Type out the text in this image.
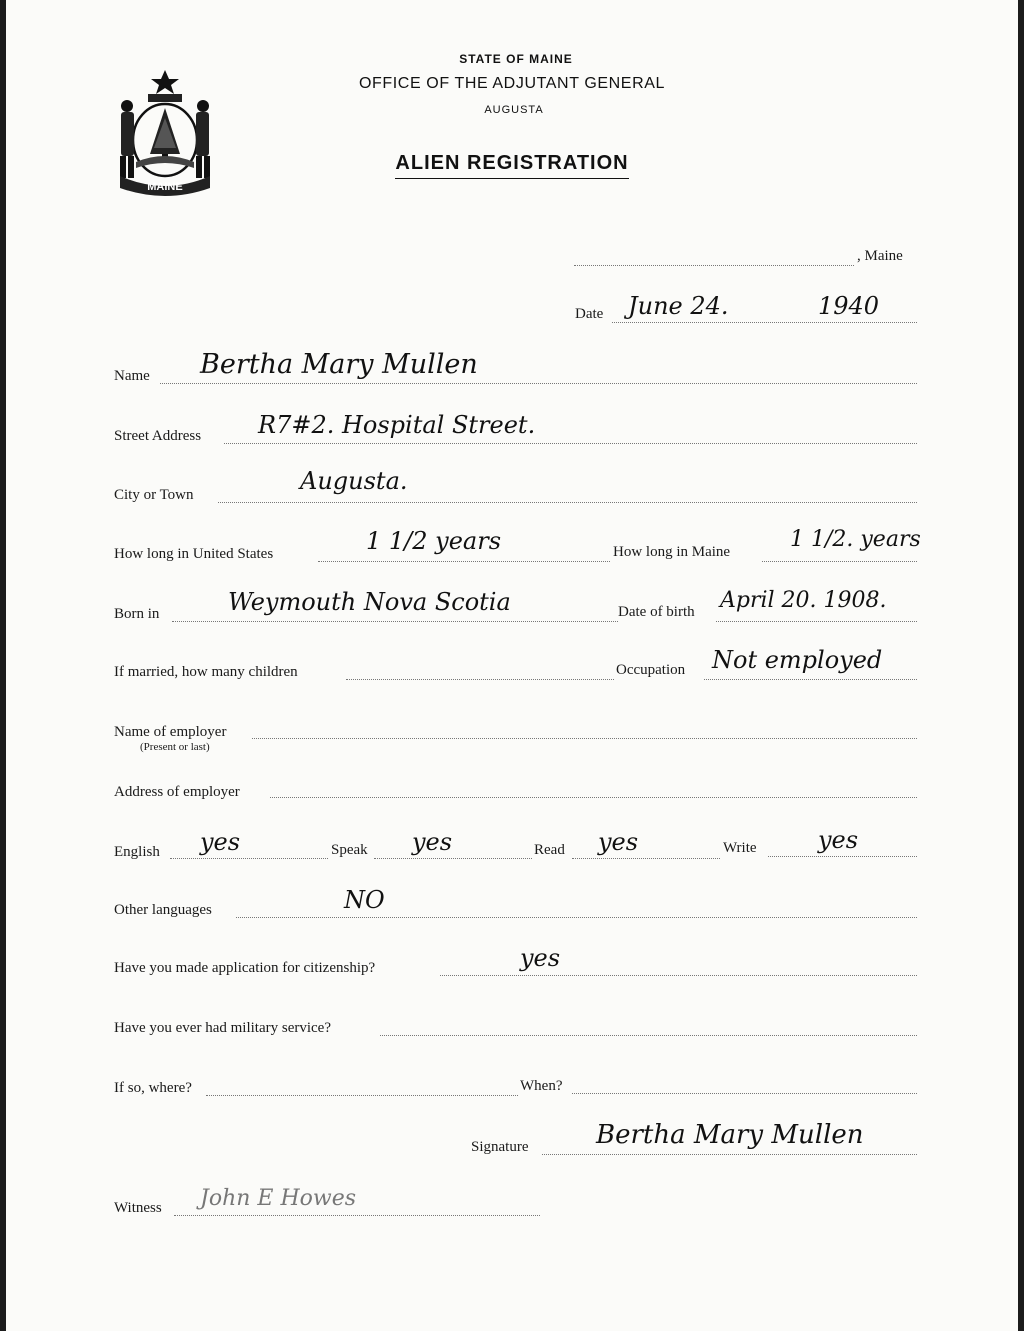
MAINE
STATE OF MAINE
OFFICE OF THE ADJUTANT GENERAL
AUGUSTA
ALIEN REGISTRATION
, Maine
Date June 24.	1940
Name Bertha Mary Mullen
Street Address R7#2. Hospital Street.
City or Town	Augusta.
How long in United States	1 1/2 years	How long in Maine	1 1/2. years
Born in	Weymouth Nova Scotia	Date of birth April 20. 1908.
If married, how many children	Occupation Not employed
Name of employer
(Present or last)
Address of employer
English yes	Speak yes	Read yes	Write	yes
Other languages	NO
Have you made application for citizenship?	yes
Have you ever had military service?
If so, where?	When?
Signature	Bertha Mary Mullen
Witness John E Howes
